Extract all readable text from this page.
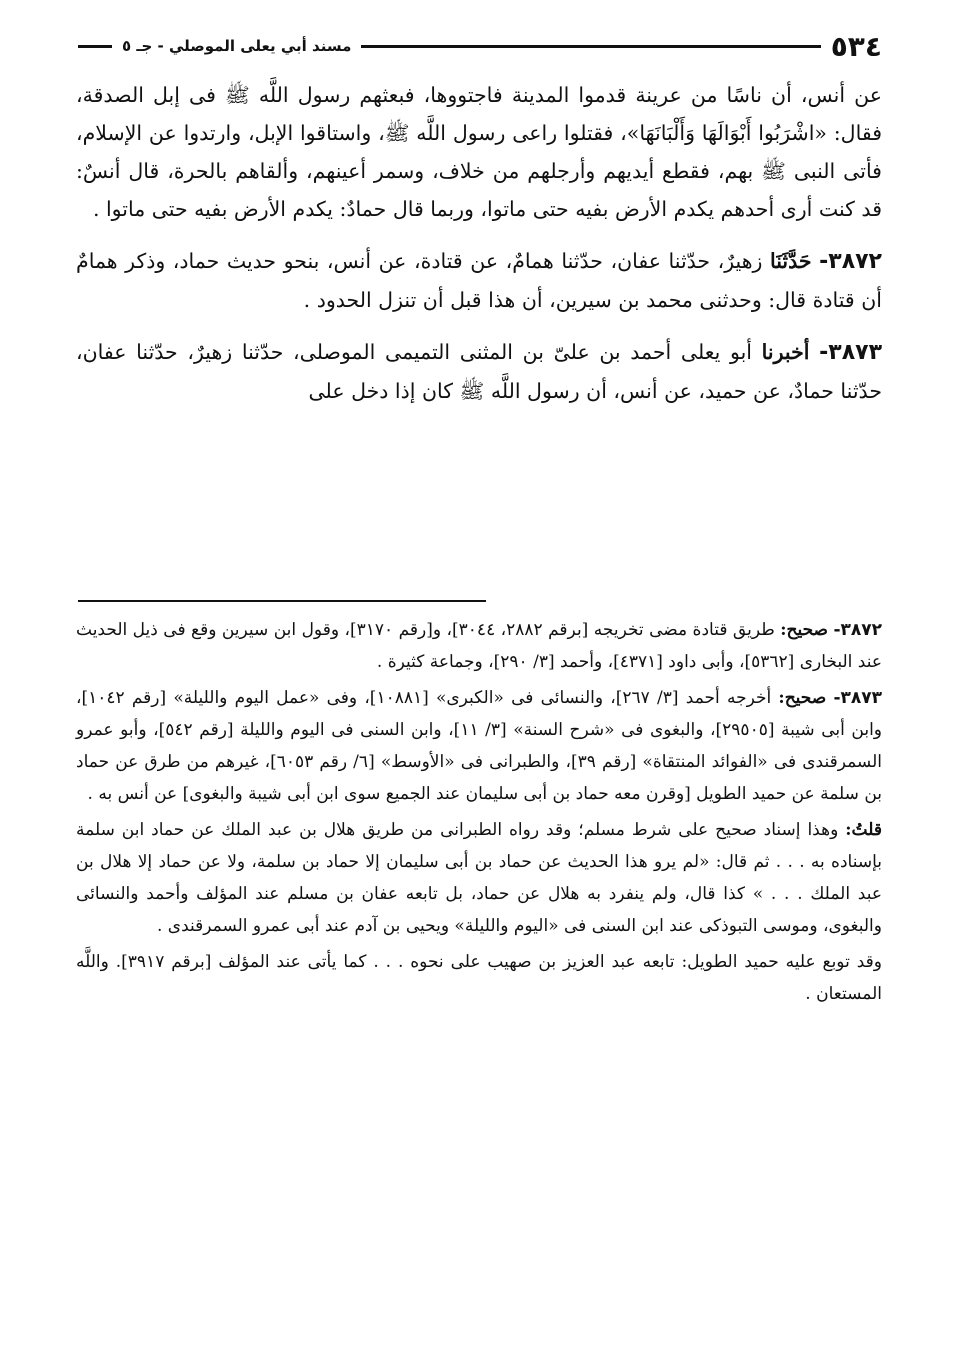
٥٣٤
مسند أبي يعلى الموصلي - جـ ٥

عن أنس، أن ناسًا من عرينة قدموا المدينة فاجتووها، فبعثهم رسول اللَّه ﷺ فى إبل الصدقة، فقال: «اشْرَبُوا أَبْوَالَهَا وَأَلْبَانَهَا»، فقتلوا راعى رسول اللَّه ﷺ، واستاقوا الإبل، وارتدوا عن الإسلام، فأتى النبى ﷺ بهم، فقطع أيديهم وأرجلهم من خلاف، وسمر أعينهم، وألقاهم بالحرة، قال أنسٌ: قد كنت أرى أحدهم يكدم الأرض بفيه حتى ماتوا، وربما قال حمادٌ: يكدم الأرض بفيه حتى ماتوا .

٣٨٧٢- حَدَّثَنَا زهيرٌ، حدّثنا عفان، حدّثنا همامٌ، عن قتادة، عن أنس، بنحو حديث حماد، وذكر همامٌ أن قتادة قال: وحدثنى محمد بن سيرين، أن هذا قبل أن تنزل الحدود .

٣٨٧٣- أخبرنا أبو يعلى أحمد بن علىّ بن المثنى التميمى الموصلى، حدّثنا زهيرٌ، حدّثنا عفان، حدّثنا حمادٌ، عن حميد، عن أنس، أن رسول اللَّه ﷺ كان إذا دخل على

٣٨٧٢- صحيح: طريق قتادة مضى تخريجه [برقم ٢٨٨٢، ٣٠٤٤]، و[رقم ٣١٧٠]، وقول ابن سيرين وقع فى ذيل الحديث عند البخارى [٥٣٦٢]، وأبى داود [٤٣٧١]، وأحمد [٣/ ٢٩٠]، وجماعة كثيرة .

٣٨٧٣- صحيح: أخرجه أحمد [٣/ ٢٦٧]، والنسائى فى «الكبرى» [١٠٨٨١]، وفى «عمل اليوم والليلة» [رقم ١٠٤٢]، وابن أبى شيبة [٢٩٥٠٥]، والبغوى فى «شرح السنة» [٣/ ١١]، وابن السنى فى اليوم والليلة [رقم ٥٤٢]، وأبو عمرو السمرقندى فى «الفوائد المنتقاة» [رقم ٣٩]، والطبرانى فى «الأوسط» [٦/ رقم ٦٠٥٣]، غيرهم من طرق عن حماد بن سلمة عن حميد الطويل [وقرن معه حماد بن أبى سليمان عند الجميع سوى ابن أبى شيبة والبغوى] عن أنس به .

قلتُ: وهذا إسناد صحيح على شرط مسلم؛ وقد رواه الطبرانى من طريق هلال بن عبد الملك عن حماد ابن سلمة بإسناده به . . . ثم قال: «لم يرو هذا الحديث عن حماد بن أبى سليمان إلا حماد بن سلمة، ولا عن حماد إلا هلال بن عبد الملك . . . » كذا قال، ولم ينفرد به هلال عن حماد، بل تابعه عفان بن مسلم عند المؤلف وأحمد والنسائى والبغوى، وموسى التبوذكى عند ابن السنى فى «اليوم والليلة» ويحيى بن آدم عند أبى عمرو السمرقندى .

وقد توبع عليه حميد الطويل: تابعه عبد العزيز بن صهيب على نحوه . . . كما يأتى عند المؤلف [برقم ٣٩١٧]. واللَّه المستعان .
